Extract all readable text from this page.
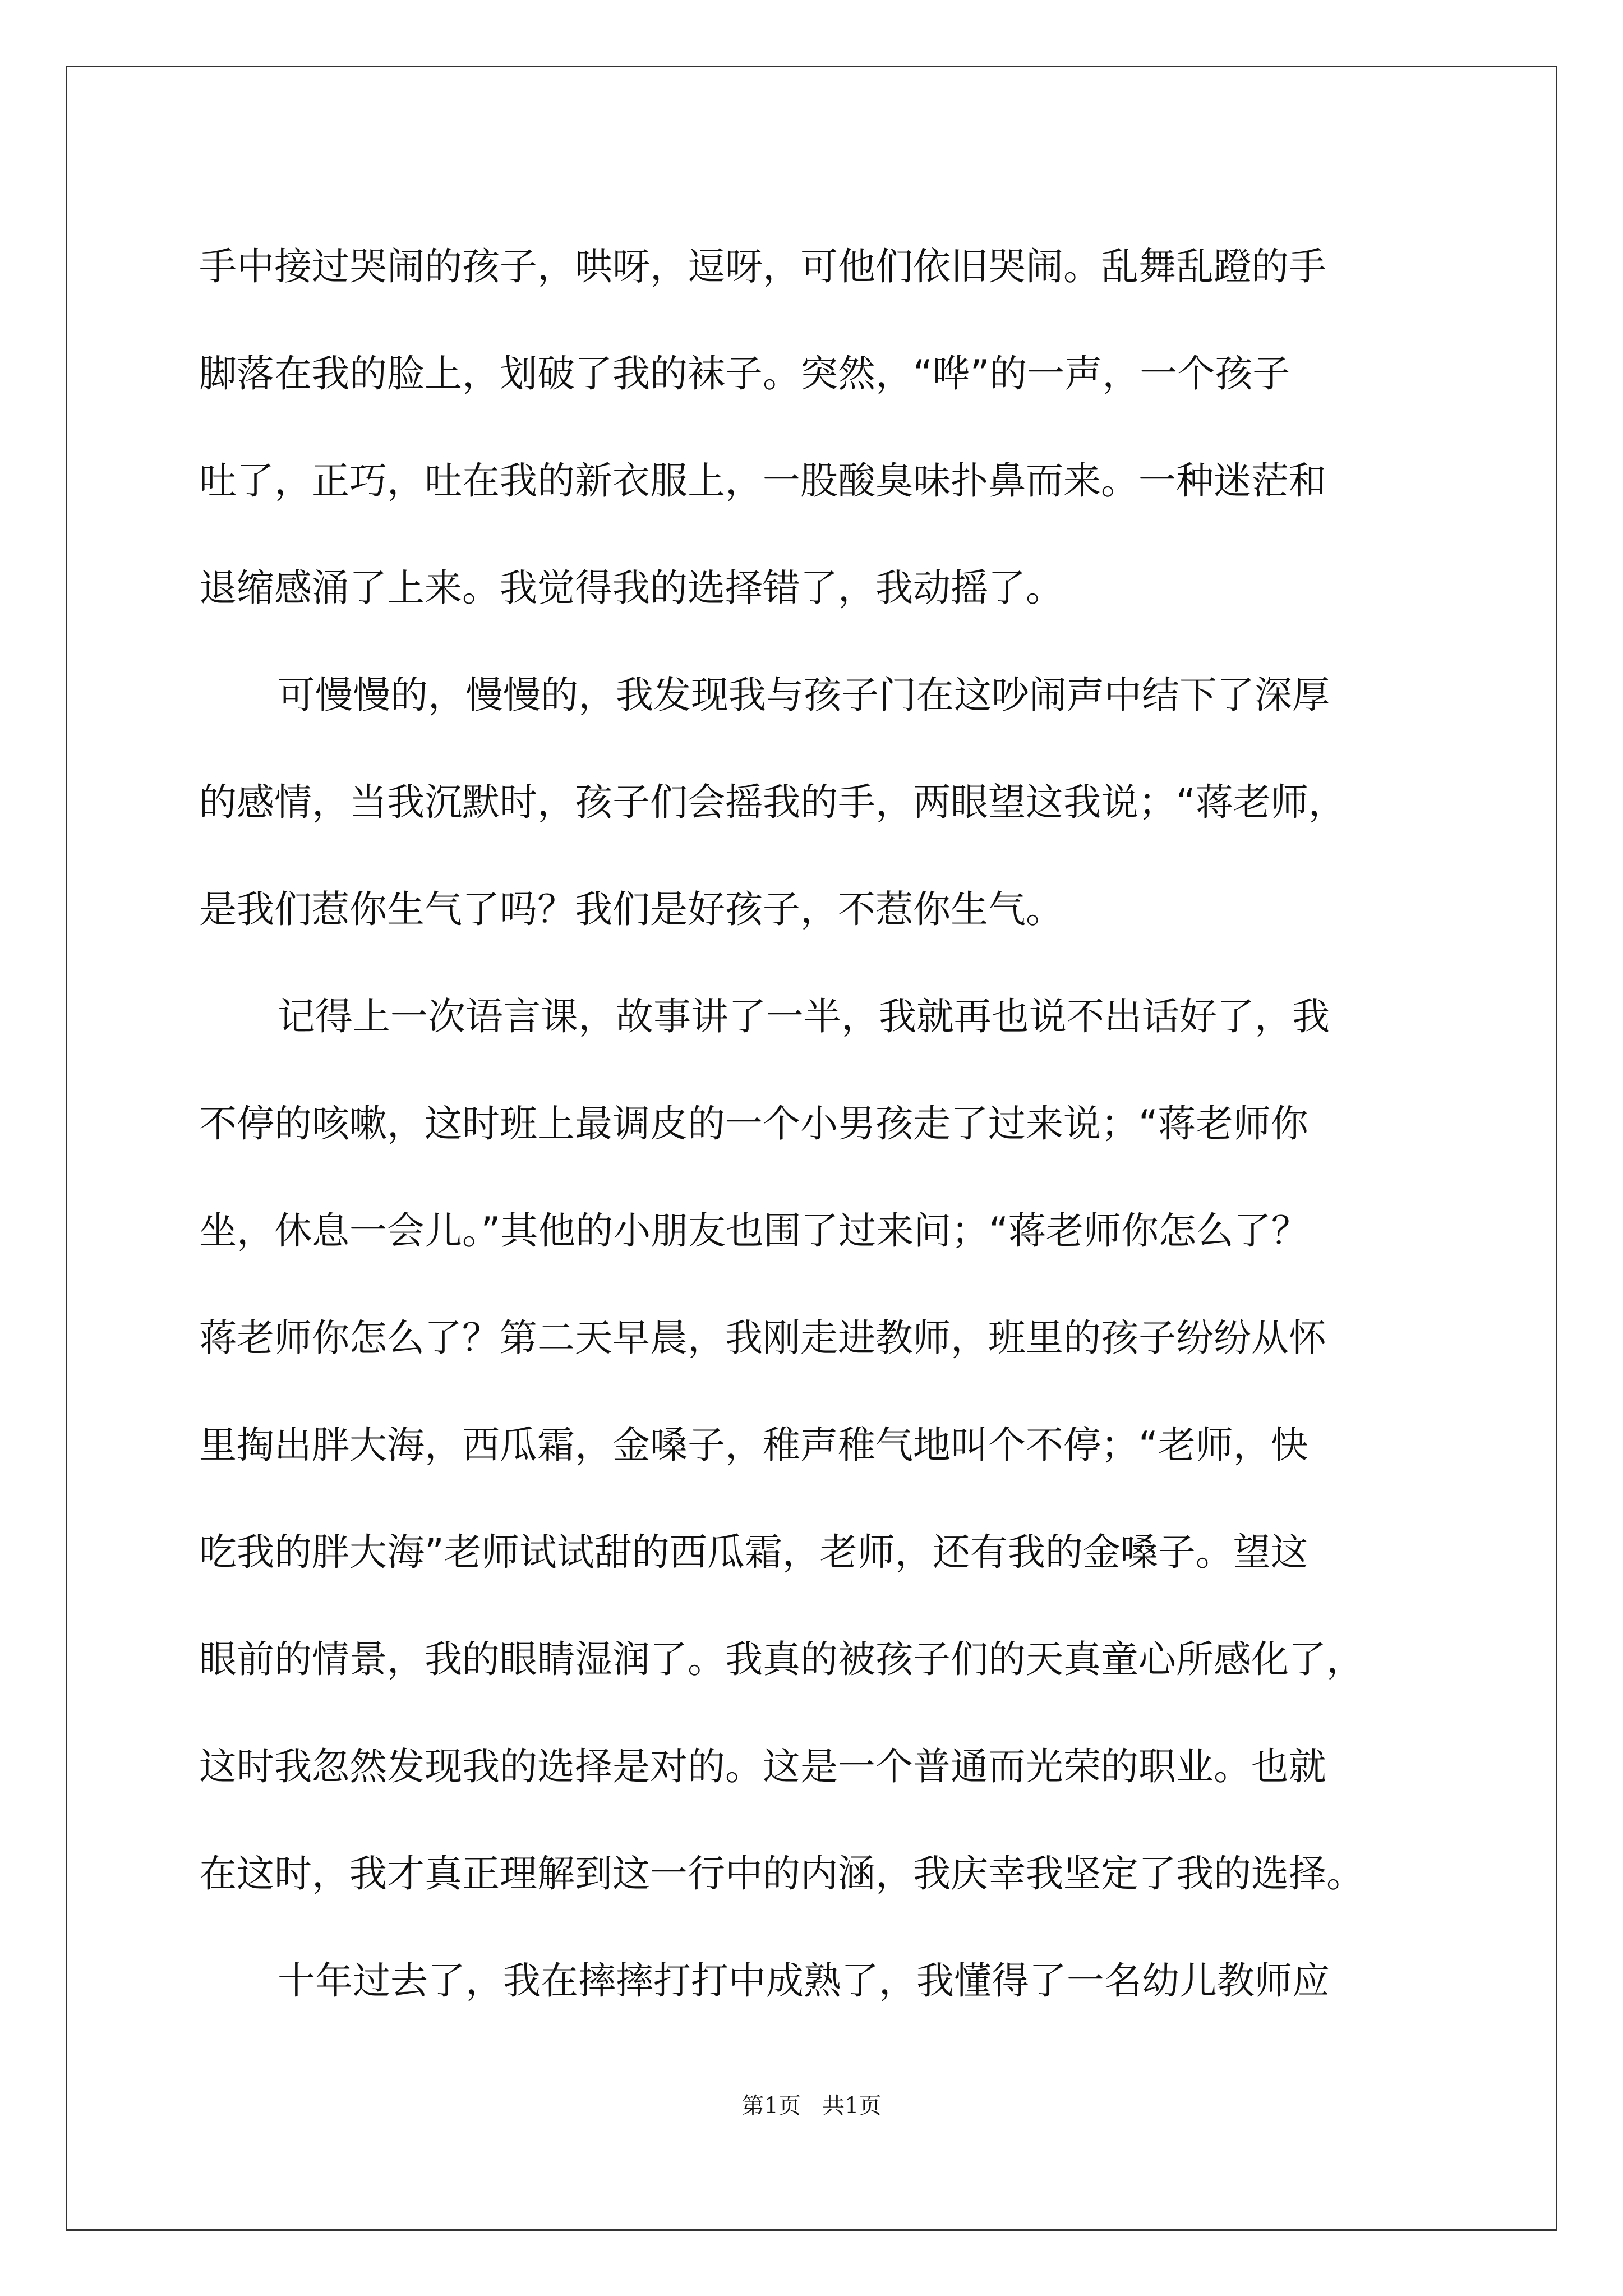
手中接过哭闹的孩子，哄呀，逗呀，可他们依旧哭闹。乱舞乱蹬的手

脚落在我的脸上，划破了我的袜子。突然，“哗”的一声，一个孩子

吐了，正巧，吐在我的新衣服上，一股酸臭味扑鼻而来。一种迷茫和

退缩感涌了上来。我觉得我的选择错了，我动摇了。

可慢慢的，慢慢的，我发现我与孩子门在这吵闹声中结下了深厚

的感情，当我沉默时，孩子们会摇我的手，两眼望这我说；“蒋老师，

是我们惹你生气了吗？我们是好孩子，不惹你生气。

记得上一次语言课，故事讲了一半，我就再也说不出话好了，我

不停的咳嗽，这时班上最调皮的一个小男孩走了过来说；“蒋老师你

坐，休息一会儿。”其他的小朋友也围了过来问；“蒋老师你怎么了？

蒋老师你怎么了？第二天早晨，我刚走进教师，班里的孩子纷纷从怀

里掏出胖大海，西瓜霜，金嗓子，稚声稚气地叫个不停；“老师，快

吃我的胖大海”老师试试甜的西瓜霜，老师，还有我的金嗓子。望这

眼前的情景，我的眼睛湿润了。我真的被孩子们的天真童心所感化了，

这时我忽然发现我的选择是对的。这是一个普通而光荣的职业。也就

在这时，我才真正理解到这一行中的内涵，我庆幸我坚定了我的选择。

十年过去了，我在摔摔打打中成熟了，我懂得了一名幼儿教师应

第1页   共1页
